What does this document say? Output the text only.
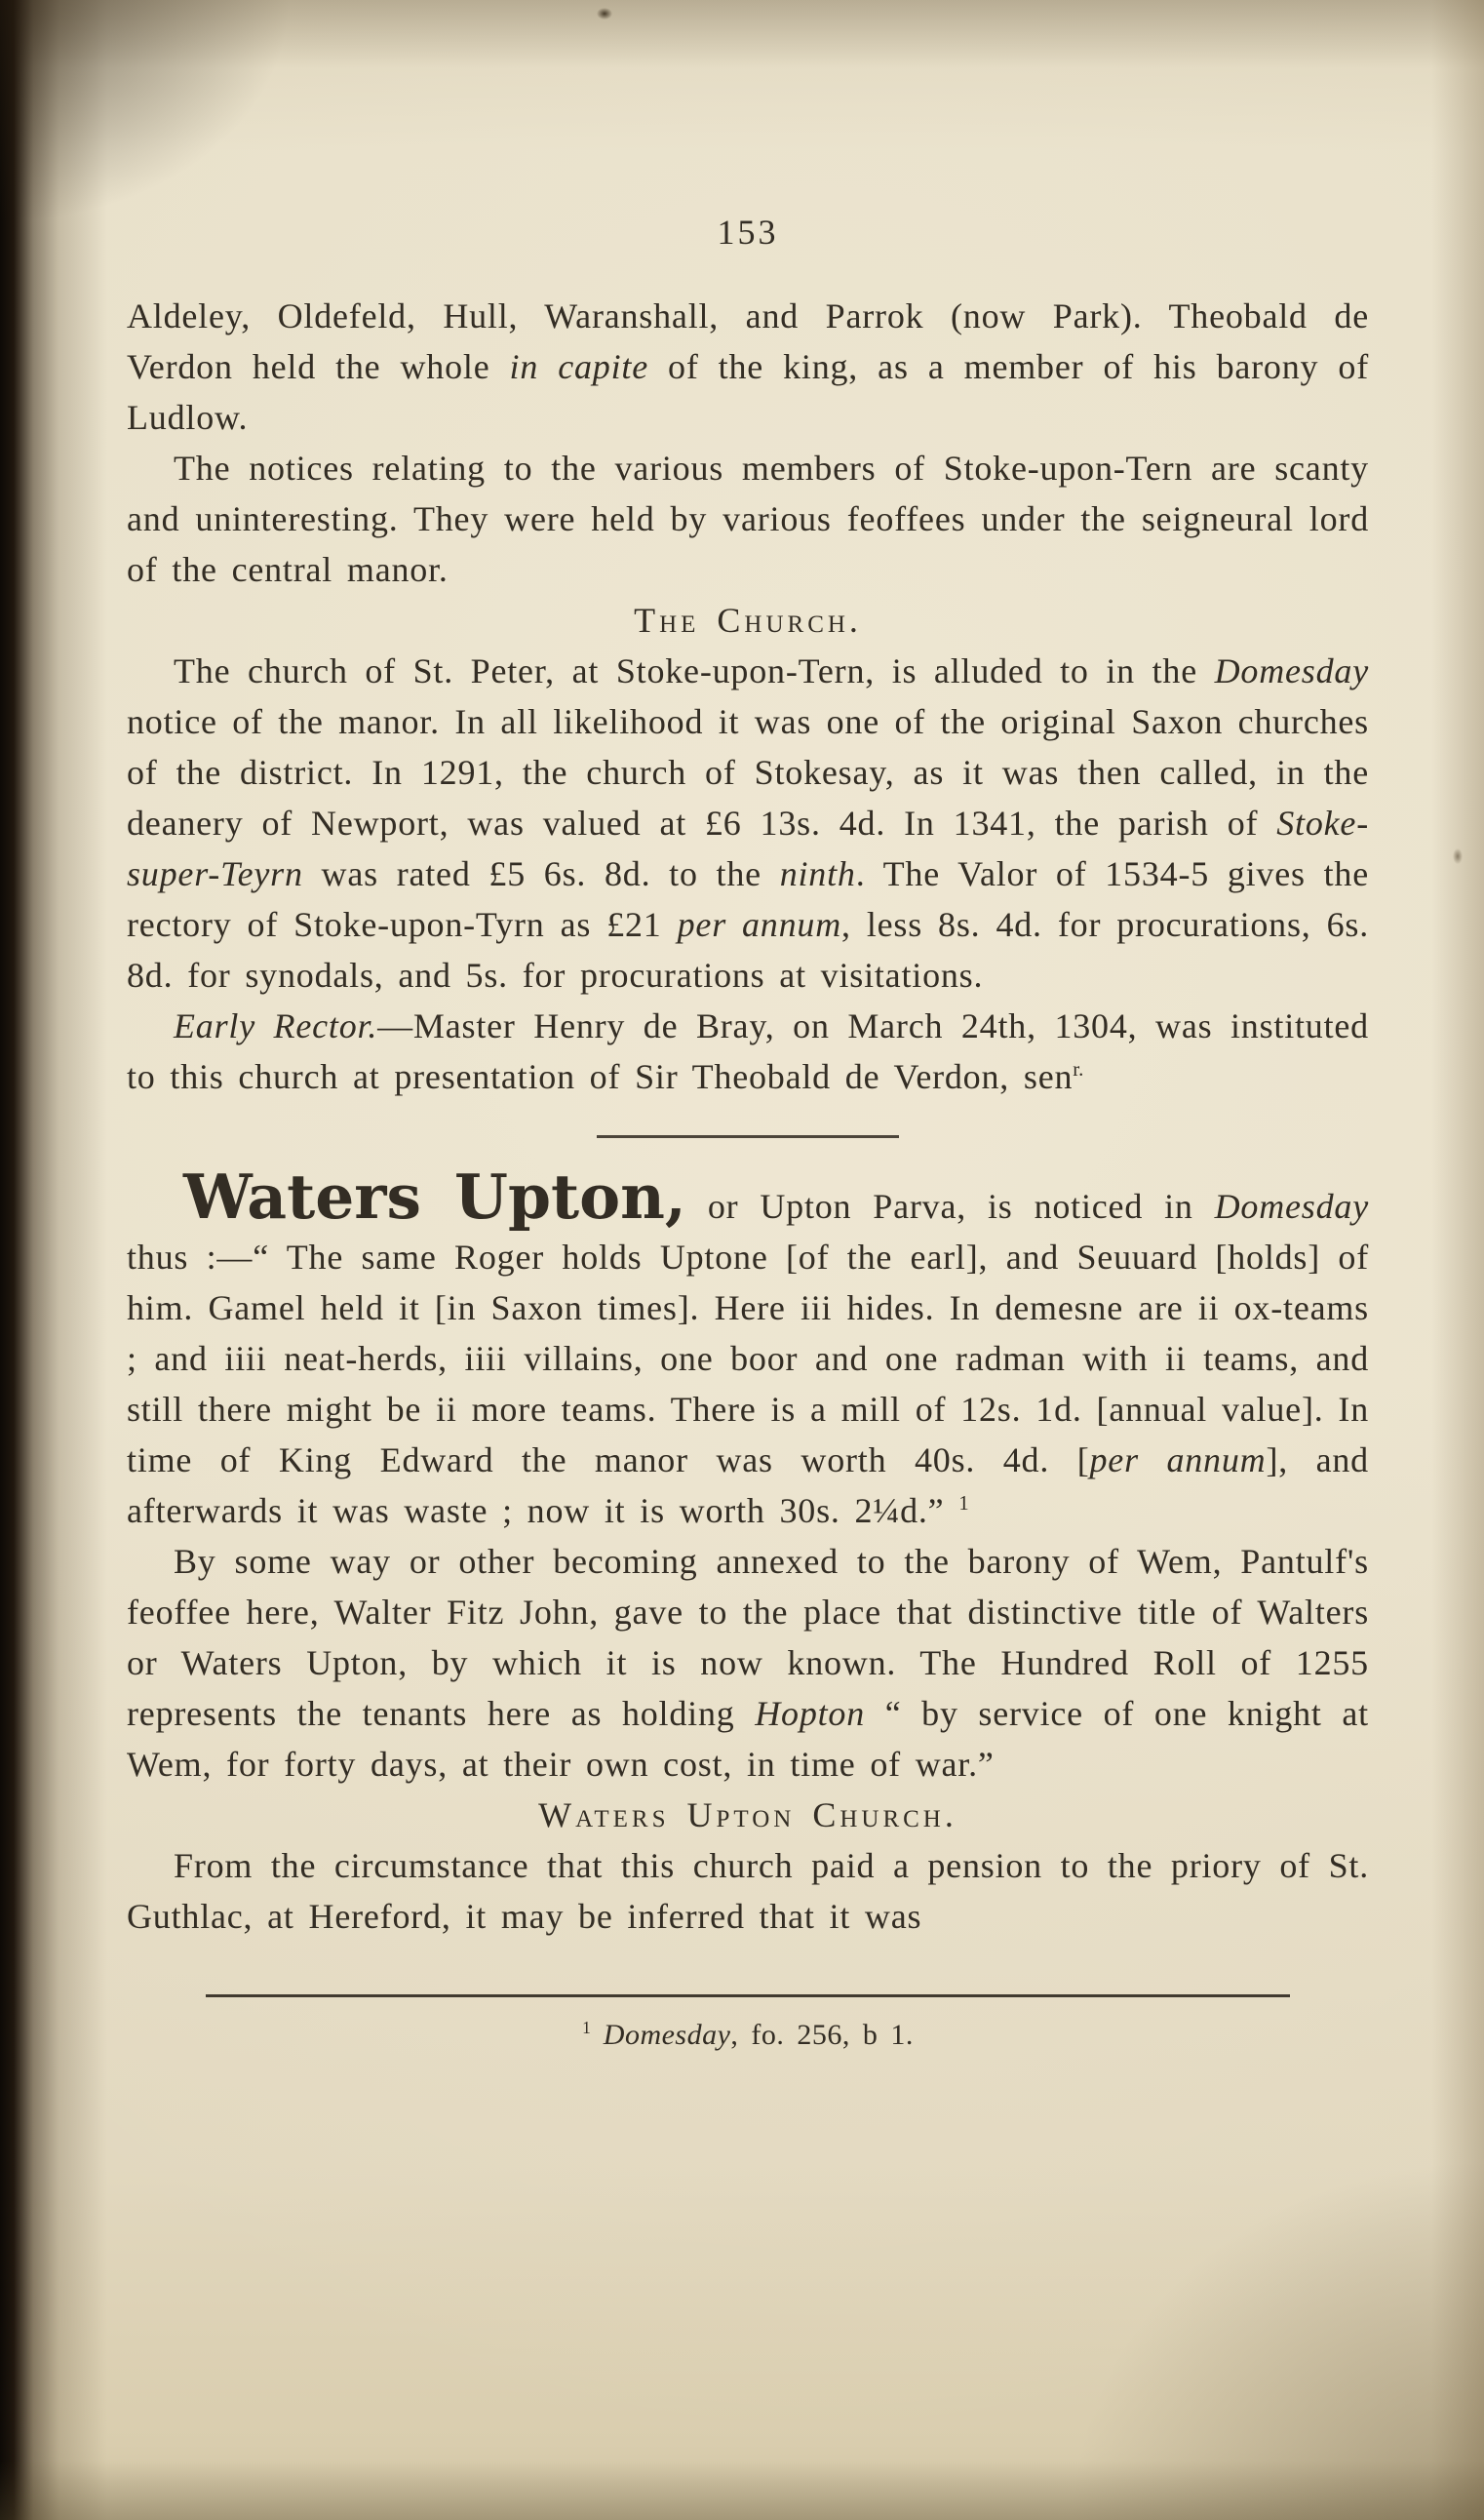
153

Aldeley, Oldefeld, Hull, Waranshall, and Parrok (now Park). Theobald de Verdon held the whole in capite of the king, as a member of his barony of Ludlow.

The notices relating to the various members of Stoke-upon-Tern are scanty and uninteresting. They were held by various feoffees under the seigneural lord of the central manor.

The Church.

The church of St. Peter, at Stoke-upon-Tern, is alluded to in the Domesday notice of the manor. In all likelihood it was one of the original Saxon churches of the district. In 1291, the church of Stokesay, as it was then called, in the deanery of Newport, was valued at £6 13s. 4d. In 1341, the parish of Stoke-super-Teyrn was rated £5 6s. 8d. to the ninth. The Valor of 1534-5 gives the rectory of Stoke-upon-Tyrn as £21 per annum, less 8s. 4d. for procurations, 6s. 8d. for synodals, and 5s. for procurations at visitations.

Early Rector.—Master Henry de Bray, on March 24th, 1304, was instituted to this church at presentation of Sir Theobald de Verdon, sen$^{r.}$

Waters Upton, or Upton Parva, is noticed in Domesday thus :—“ The same Roger holds Uptone [of the earl], and Seuuard [holds] of him. Gamel held it [in Saxon times]. Here iii hides. In demesne are ii ox-teams ; and iiii neat-herds, iiii villains, one boor and one radman with ii teams, and still there might be ii more teams. There is a mill of 12s. 1d. [annual value]. In time of King Edward the manor was worth 40s. 4d. [per annum], and afterwards it was waste ; now it is worth 30s. 2¼d.” $^1$

By some way or other becoming annexed to the barony of Wem, Pantulf's feoffee here, Walter Fitz John, gave to the place that distinctive title of Walters or Waters Upton, by which it is now known. The Hundred Roll of 1255 represents the tenants here as holding Hopton “ by service of one knight at Wem, for forty days, at their own cost, in time of war.”

Waters Upton Church.

From the circumstance that this church paid a pension to the priory of St. Guthlac, at Hereford, it may be inferred that it was

$^1$ Domesday, fo. 256, b 1.
